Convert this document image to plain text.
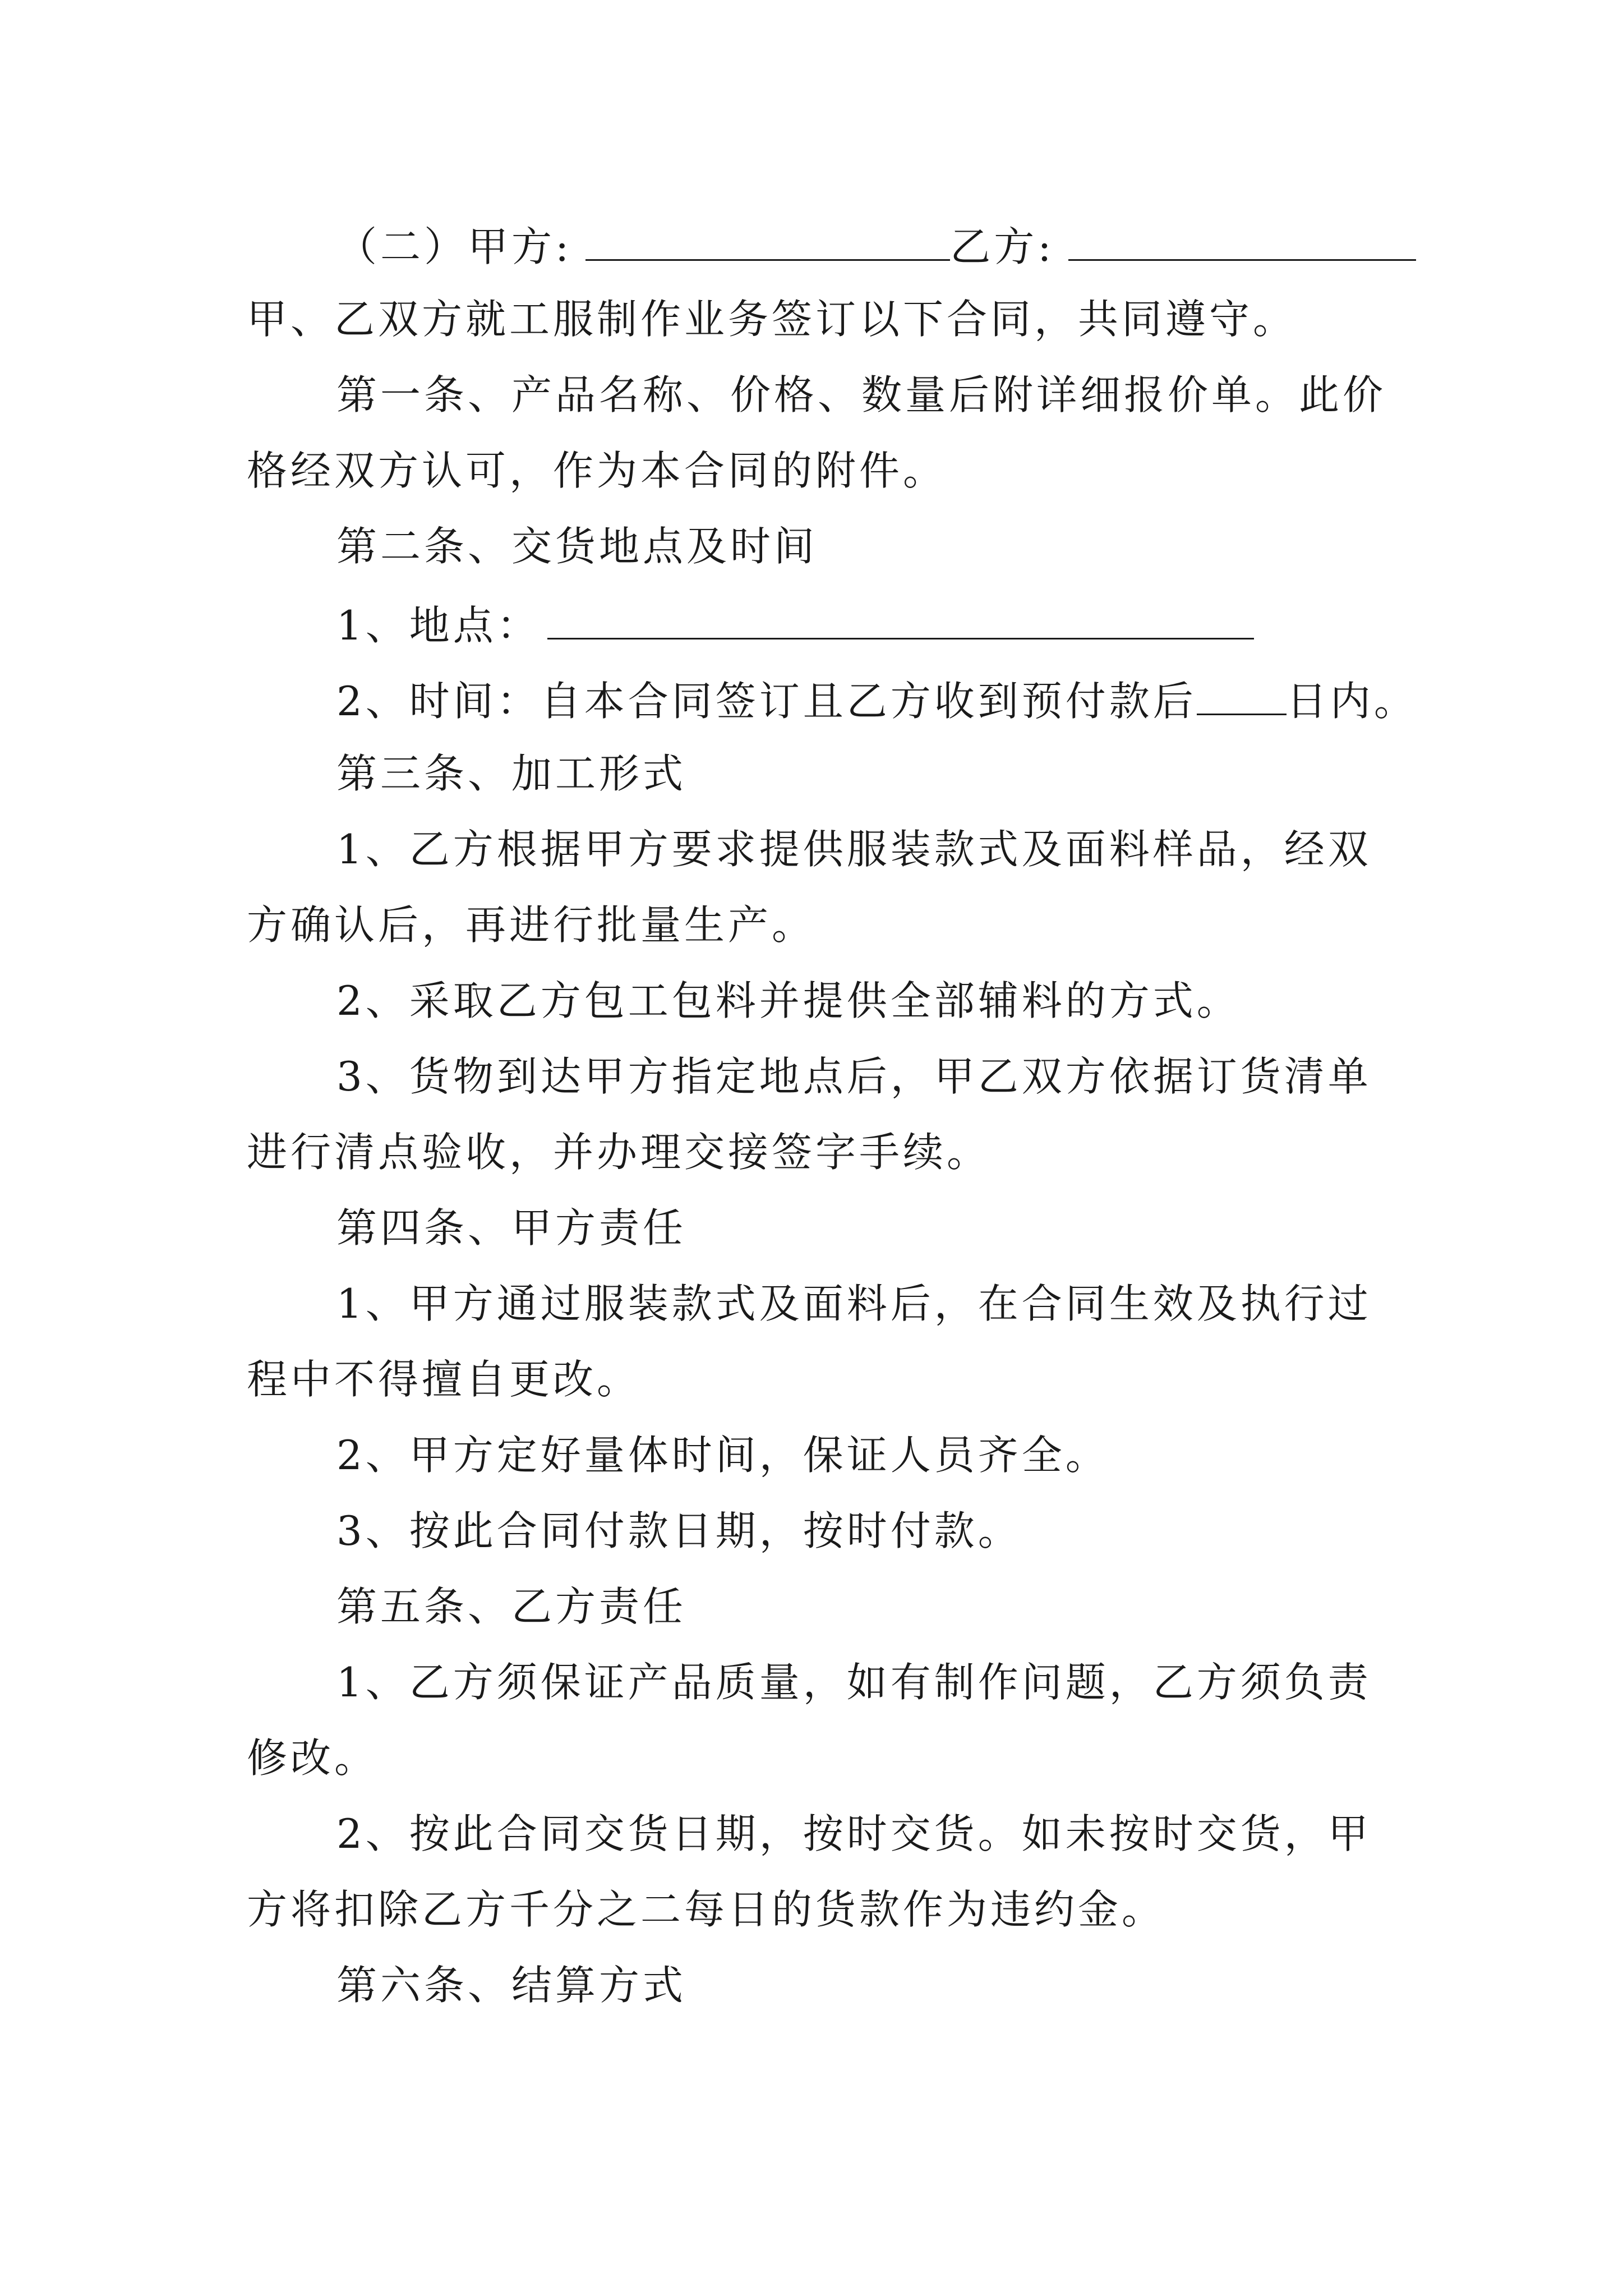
（二）甲方:	乙方:
甲、乙双方就工服制作业务签订以下合同，共同遵守。
第一条、产品名称、价格、数量后附详细报价单。此价
格经双方认可，作为本合同的附件。
第二条、交货地点及时间
1、地点：
2、时间：自本合同签订且乙方收到预付款后 日内。
第三条、加工形式
1、乙方根据甲方要求提供服装款式及面料样品，经双
方确认后，再进行批量生产。
2、采取乙方包工包料并提供全部辅料的方式。
3、货物到达甲方指定地点后，甲乙双方依据订货清单
进行清点验收，并办理交接签字手续。
第四条、甲方责任
1、甲方通过服装款式及面料后，在合同生效及执行过
程中不得擅自更改。
2、甲方定好量体时间，保证人员齐全。
3、按此合同付款日期，按时付款。
第五条、乙方责任
1、乙方须保证产品质量，如有制作问题，乙方须负责
修改。
2、按此合同交货日期，按时交货。如未按时交货，甲
方将扣除乙方千分之二每日的货款作为违约金。
第六条、结算方式
